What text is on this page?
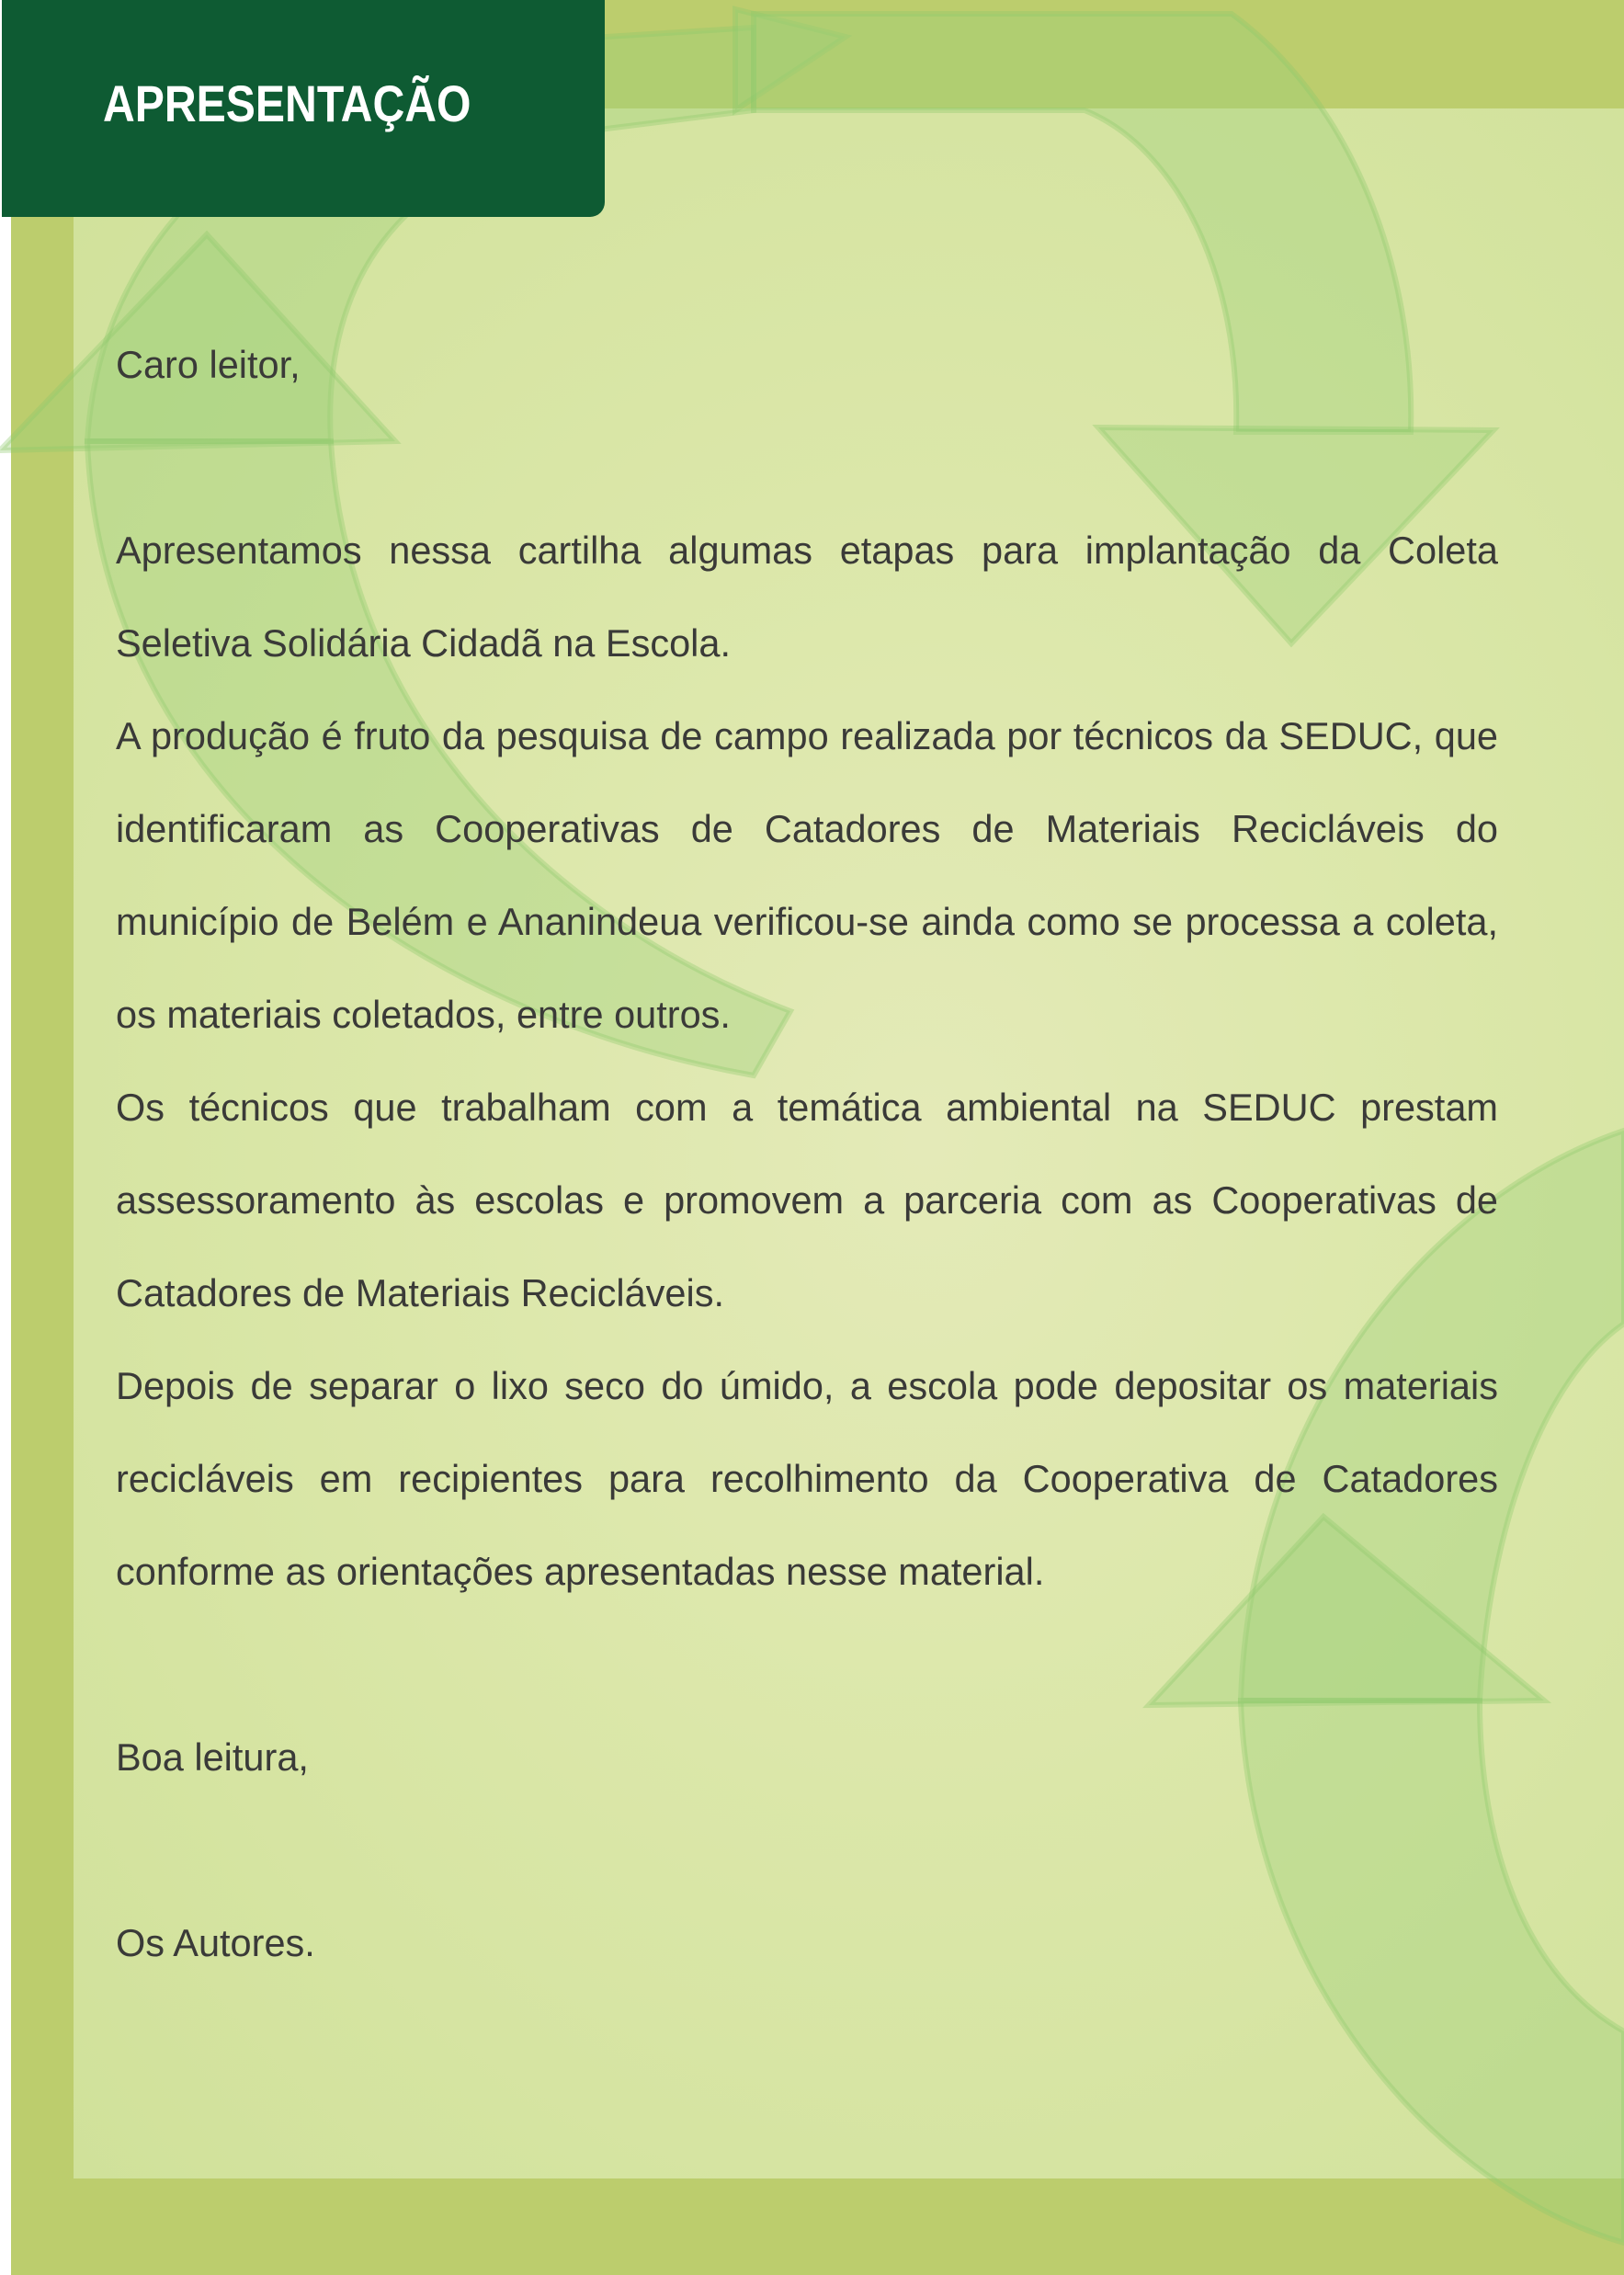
APRESENTAÇÃO

Caro leitor,

Apresentamos nessa cartilha algumas etapas para implantação da Coleta

Seletiva Solidária Cidadã na Escola.

A produção é fruto da pesquisa de campo realizada por técnicos da SEDUC, que identificaram as Cooperativas de Catadores de Materiais Recicláveis do município de Belém e Ananindeua verificou-se ainda como se processa a coleta, os materiais coletados, entre outros.

Os técnicos que trabalham com a temática ambiental na SEDUC prestam assessoramento às escolas e promovem a parceria com as Cooperativas de Catadores de Materiais Recicláveis.

Depois de separar o lixo seco do úmido, a escola pode depositar os materiais recicláveis em recipientes para recolhimento da Cooperativa de Catadores conforme as orientações apresentadas nesse material.

Boa leitura,

Os Autores.
